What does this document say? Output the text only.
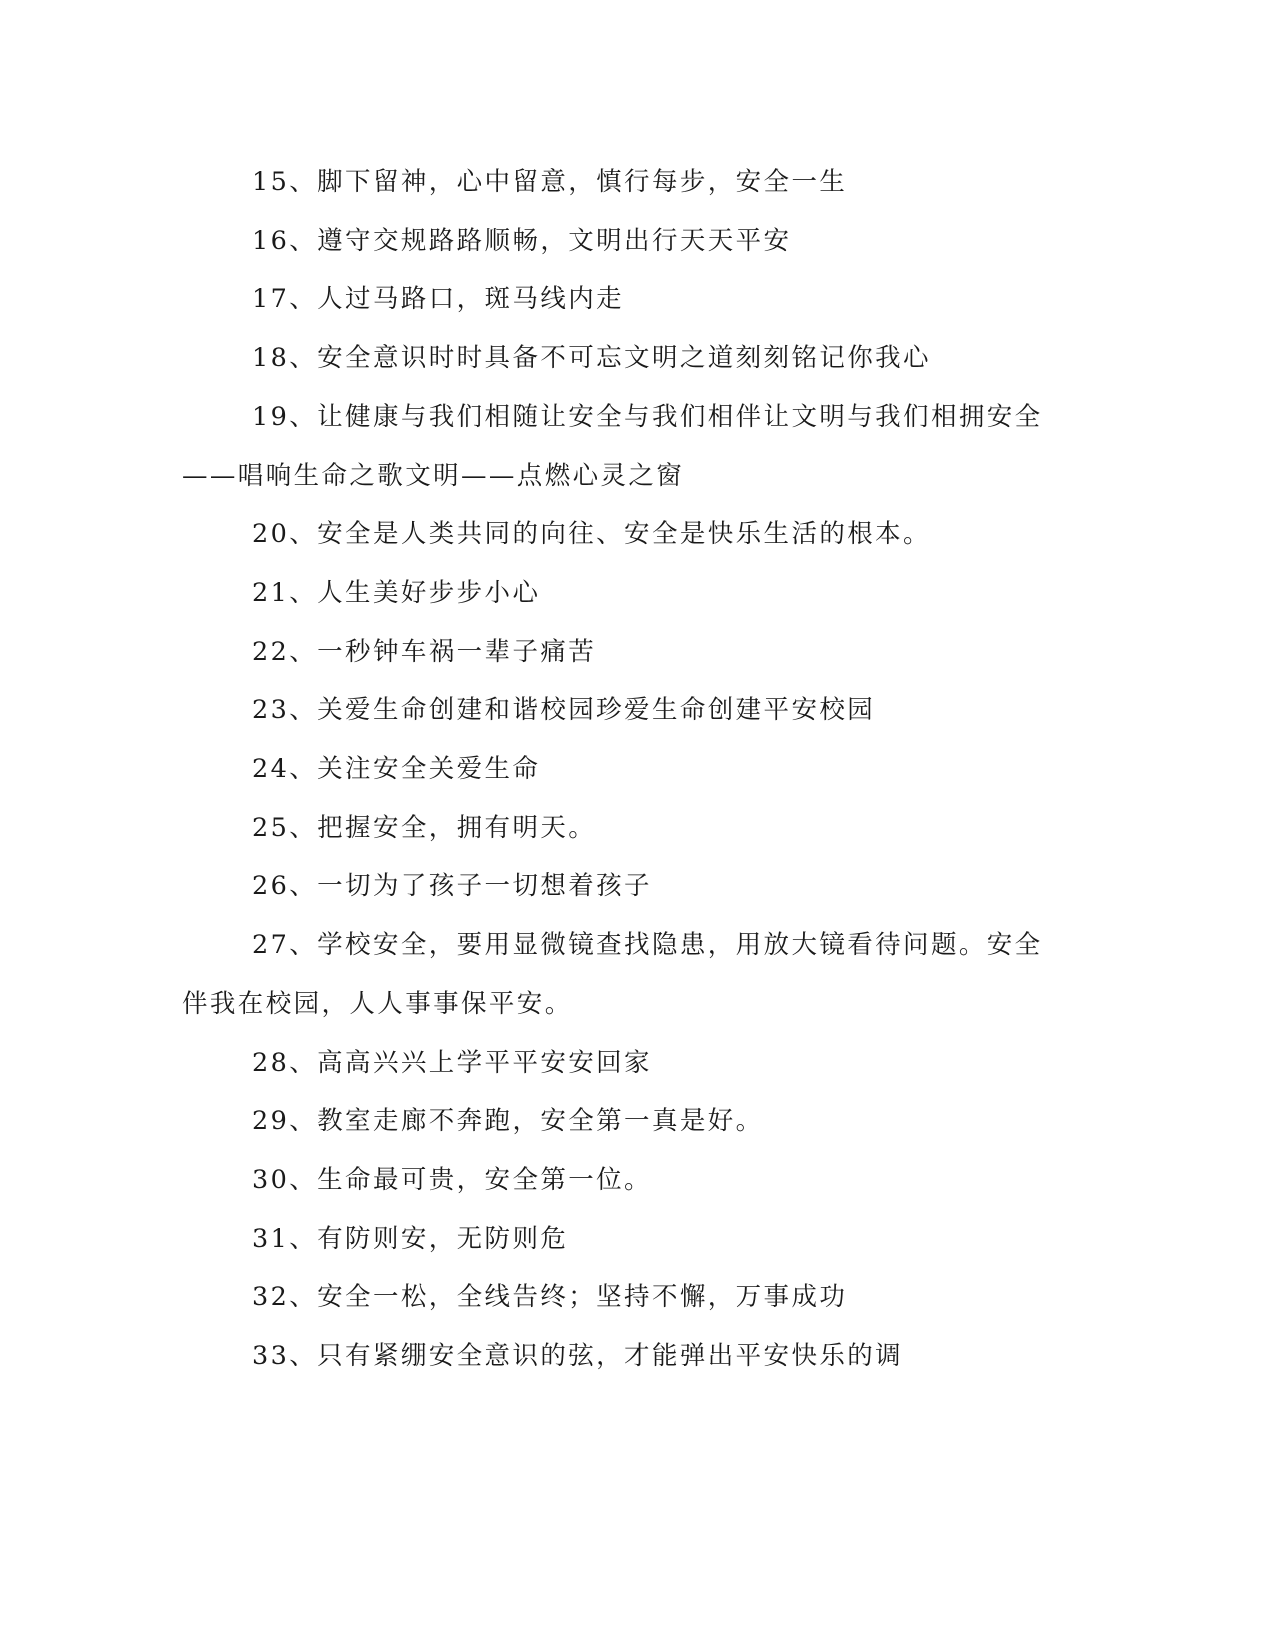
15、脚下留神，心中留意，慎行每步，安全一生

16、遵守交规路路顺畅，文明出行天天平安

17、人过马路口，斑马线内走

18、安全意识时时具备不可忘文明之道刻刻铭记你我心

19、让健康与我们相随让安全与我们相伴让文明与我们相拥安全——唱响生命之歌文明——点燃心灵之窗

20、安全是人类共同的向往、安全是快乐生活的根本。

21、人生美好步步小心

22、一秒钟车祸一辈子痛苦

23、关爱生命创建和谐校园珍爱生命创建平安校园

24、关注安全关爱生命

25、把握安全，拥有明天。

26、一切为了孩子一切想着孩子

27、学校安全，要用显微镜查找隐患，用放大镜看待问题。安全伴我在校园，人人事事保平安。

28、高高兴兴上学平平安安回家

29、教室走廊不奔跑，安全第一真是好。

30、生命最可贵，安全第一位。

31、有防则安，无防则危

32、安全一松，全线告终；坚持不懈，万事成功

33、只有紧绷安全意识的弦，才能弹出平安快乐的调
